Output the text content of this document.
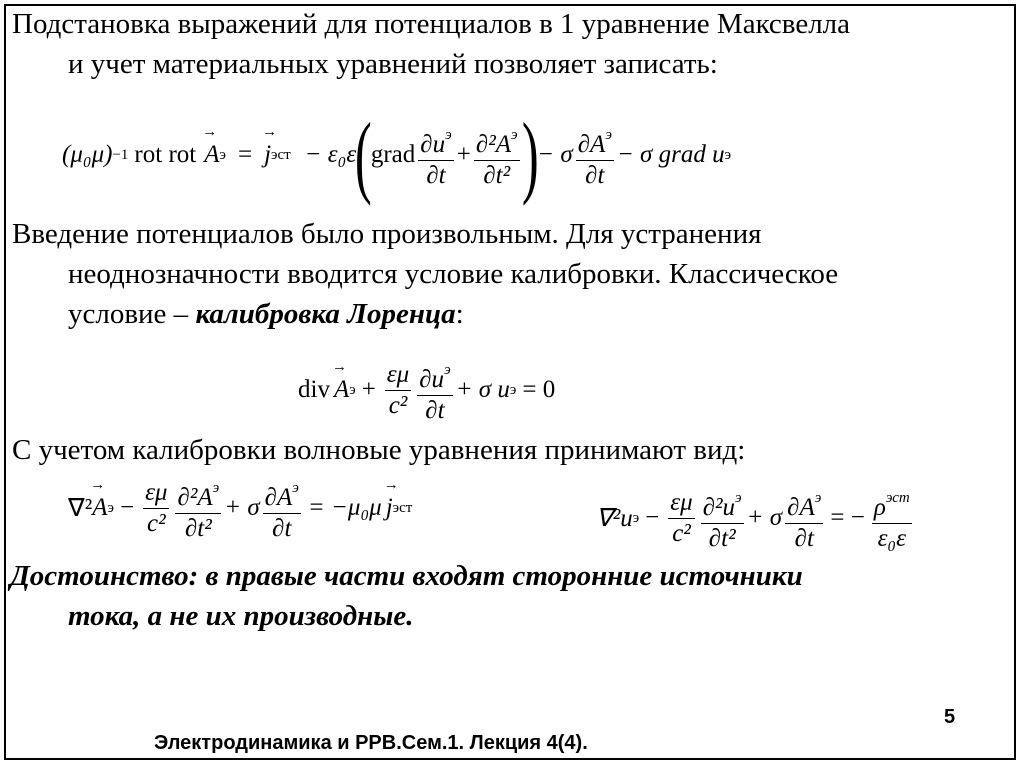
Подстановка выражений для потенциалов в 1 уравнение Максвелла
и учет материальных уравнений позволяет записать:

(μ₀μ) −1 rot rot
→ A э =
→ j эст − ε₀ε
(
grad $\frac{\partial u^э}{\partial t} + \frac{\partial^2A^э}{\text{∂t²}}$ )
− σ $\frac{\partial A^э}{\partial t} - \sigma$ grad u э

Введение потенциалов было произвольным. Для устранения
неоднозначности вводится условие калибровки. Классическое
условие – калибровка Лоренца:

div
→ A $э + \frac{\varepsilon\mu}{\text{c²}} \frac{\partial u^э}{\partial t} + \sigma$ u э = 0

С учетом калибровки волновые уравнения принимают вид:

∇²
→ A $э - \frac{\varepsilon\mu}{\text{c²}} \frac{\partial^2A^э}{\text{∂t²}} + \sigma \frac{\partial A^э}{\partial t} = -\mu_0\mu$
→ j эст	∇²u $э - \frac{\varepsilon\mu}{\text{c²}} \frac{\partial^2u^э}{\text{∂t²}} + \sigma \frac{\partial A^э}{\partial t}$ = − $\frac{\rho^{эст}}{\text{ε₀ε}}$

Достоинство: в правые части входят сторонние источники
тока, а не их производные.

5
Электродинамика и РРВ.Сем.1. Лекция 4(4).
